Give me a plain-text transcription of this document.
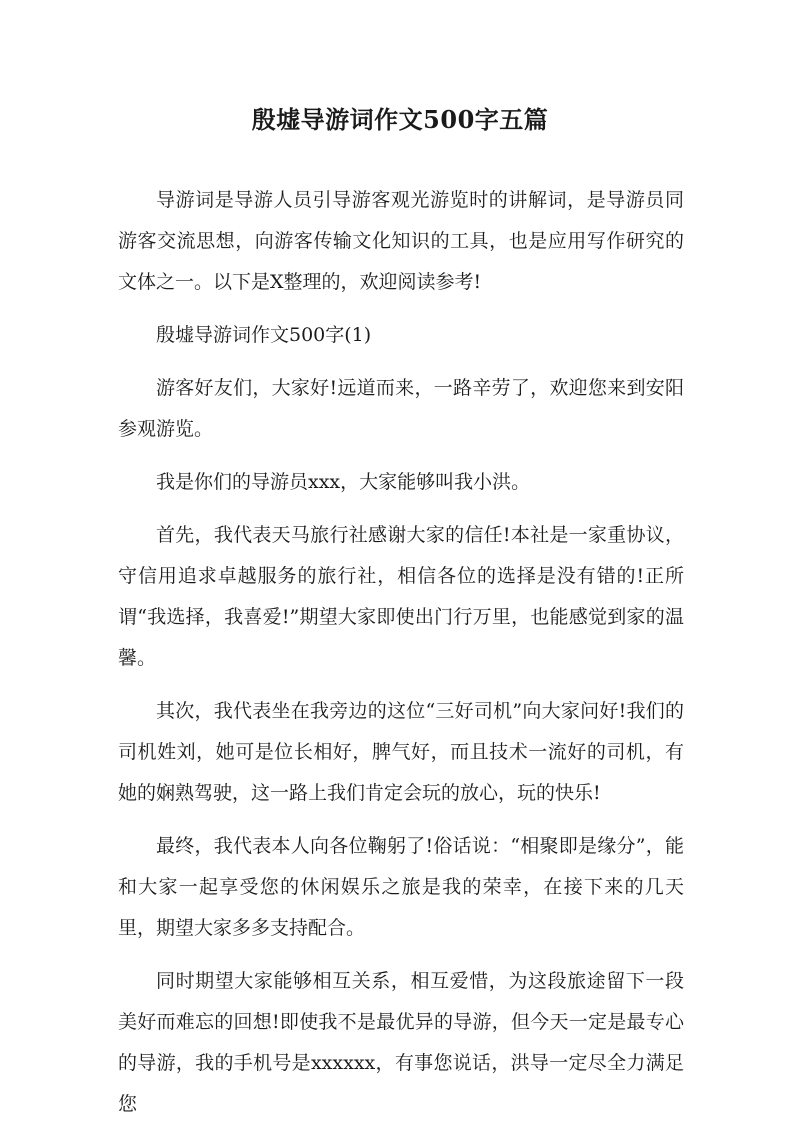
殷墟导游词作文500字五篇

导游词是导游人员引导游客观光游览时的讲解词，是导游员同游客交流思想，向游客传输文化知识的工具，也是应用写作研究的文体之一。以下是X整理的，欢迎阅读参考!

殷墟导游词作文500字(1)

游客好友们，大家好!远道而来，一路辛劳了，欢迎您来到安阳参观游览。

我是你们的导游员xxx，大家能够叫我小洪。

首先，我代表天马旅行社感谢大家的信任!本社是一家重协议，守信用追求卓越服务的旅行社，相信各位的选择是没有错的!正所谓“我选择，我喜爱!”期望大家即使出门行万里，也能感觉到家的温馨。

其次，我代表坐在我旁边的这位“三好司机”向大家问好!我们的司机姓刘，她可是位长相好，脾气好，而且技术一流好的司机，有她的娴熟驾驶，这一路上我们肯定会玩的放心，玩的快乐!

最终，我代表本人向各位鞠躬了!俗话说：“相聚即是缘分”，能和大家一起享受您的休闲娱乐之旅是我的荣幸，在接下来的几天里，期望大家多多支持配合。

同时期望大家能够相互关系，相互爱惜，为这段旅途留下一段美好而难忘的回想!即使我不是最优异的导游，但今天一定是最专心的导游，我的手机号是xxxxxx，有事您说话，洪导一定尽全力满足您
